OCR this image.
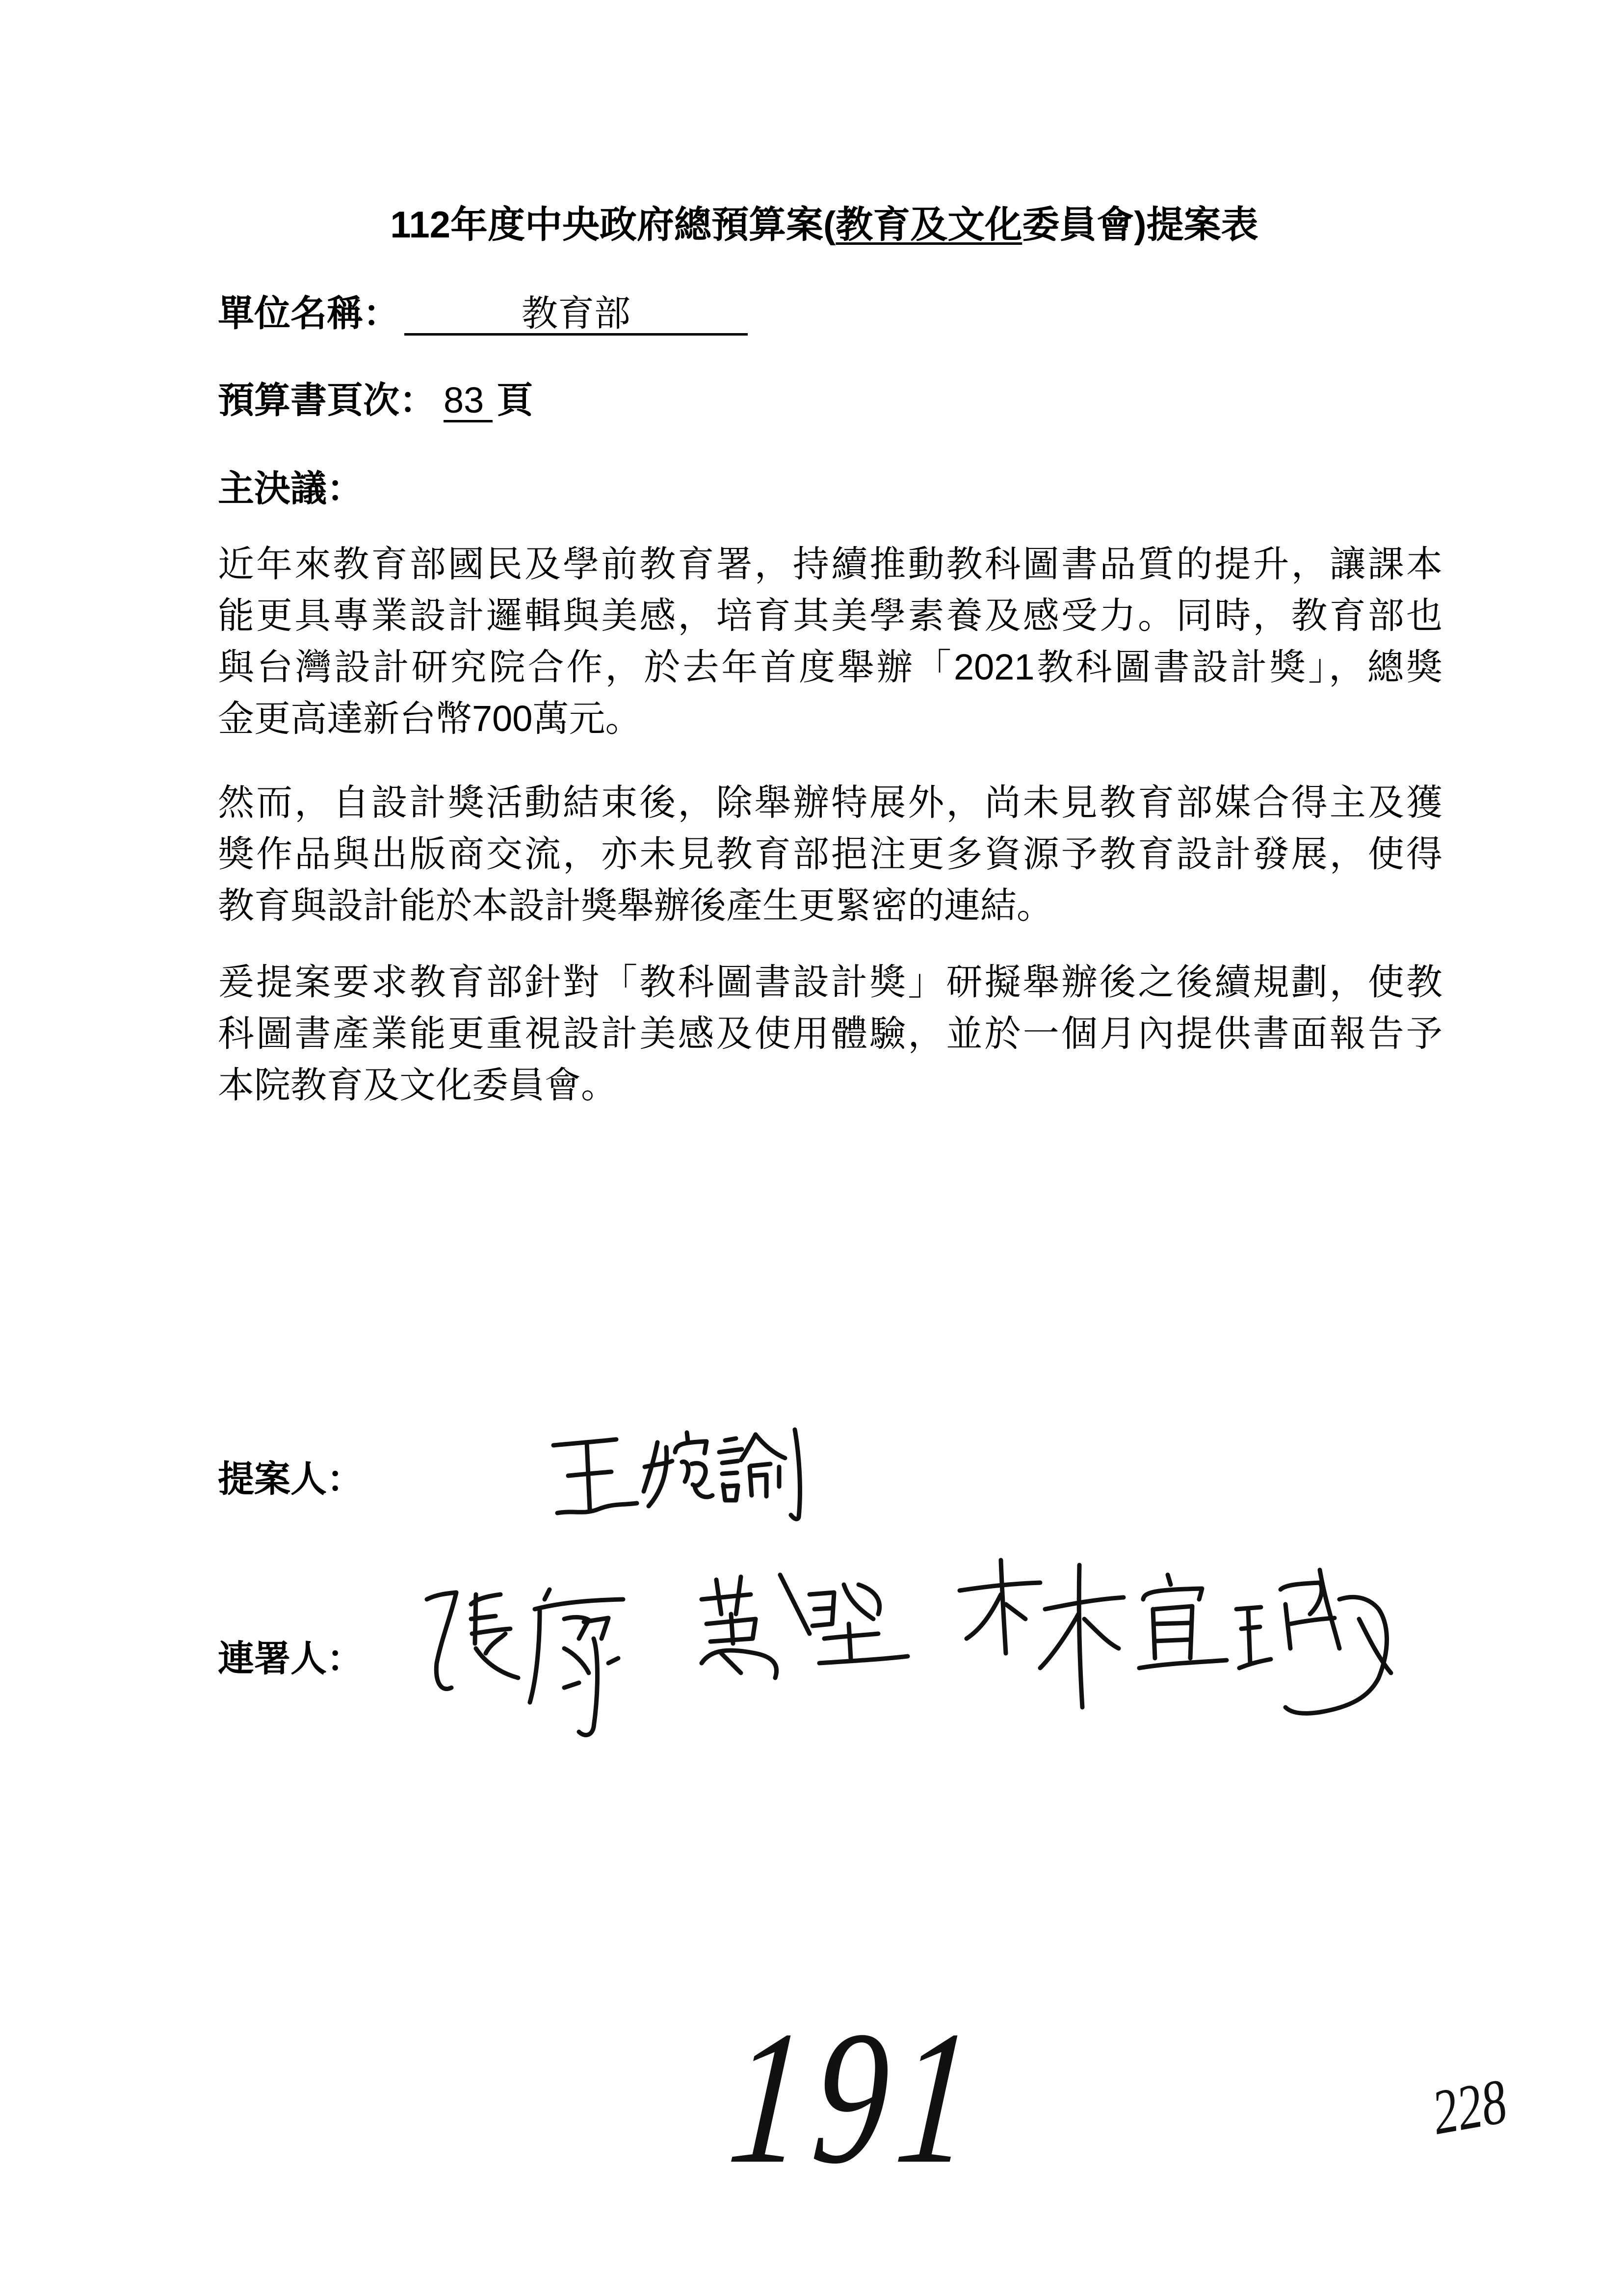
112年度中央政府總預算案(教育及文化委員會)提案表
單位名稱：	教育部
預算書頁次： 83 頁
主決議：
近年來教育部國民及學前教育署，持續推動教科圖書品質的提升，讓課本
能更具專業設計邏輯與美感，培育其美學素養及感受力。同時，教育部也
與台灣設計研究院合作，於去年首度舉辦「2021教科圖書設計獎」，總獎
金更高達新台幣700萬元。
然而，自設計獎活動結束後，除舉辦特展外，尚未見教育部媒合得主及獲
獎作品與出版商交流，亦未見教育部挹注更多資源予教育設計發展，使得
教育與設計能於本設計獎舉辦後產生更緊密的連結。
爰提案要求教育部針對「教科圖書設計獎」研擬舉辦後之後續規劃，使教
科圖書產業能更重視設計美感及使用體驗，並於一個月內提供書面報告予
本院教育及文化委員會。
提案人：
連署人：
191	228
